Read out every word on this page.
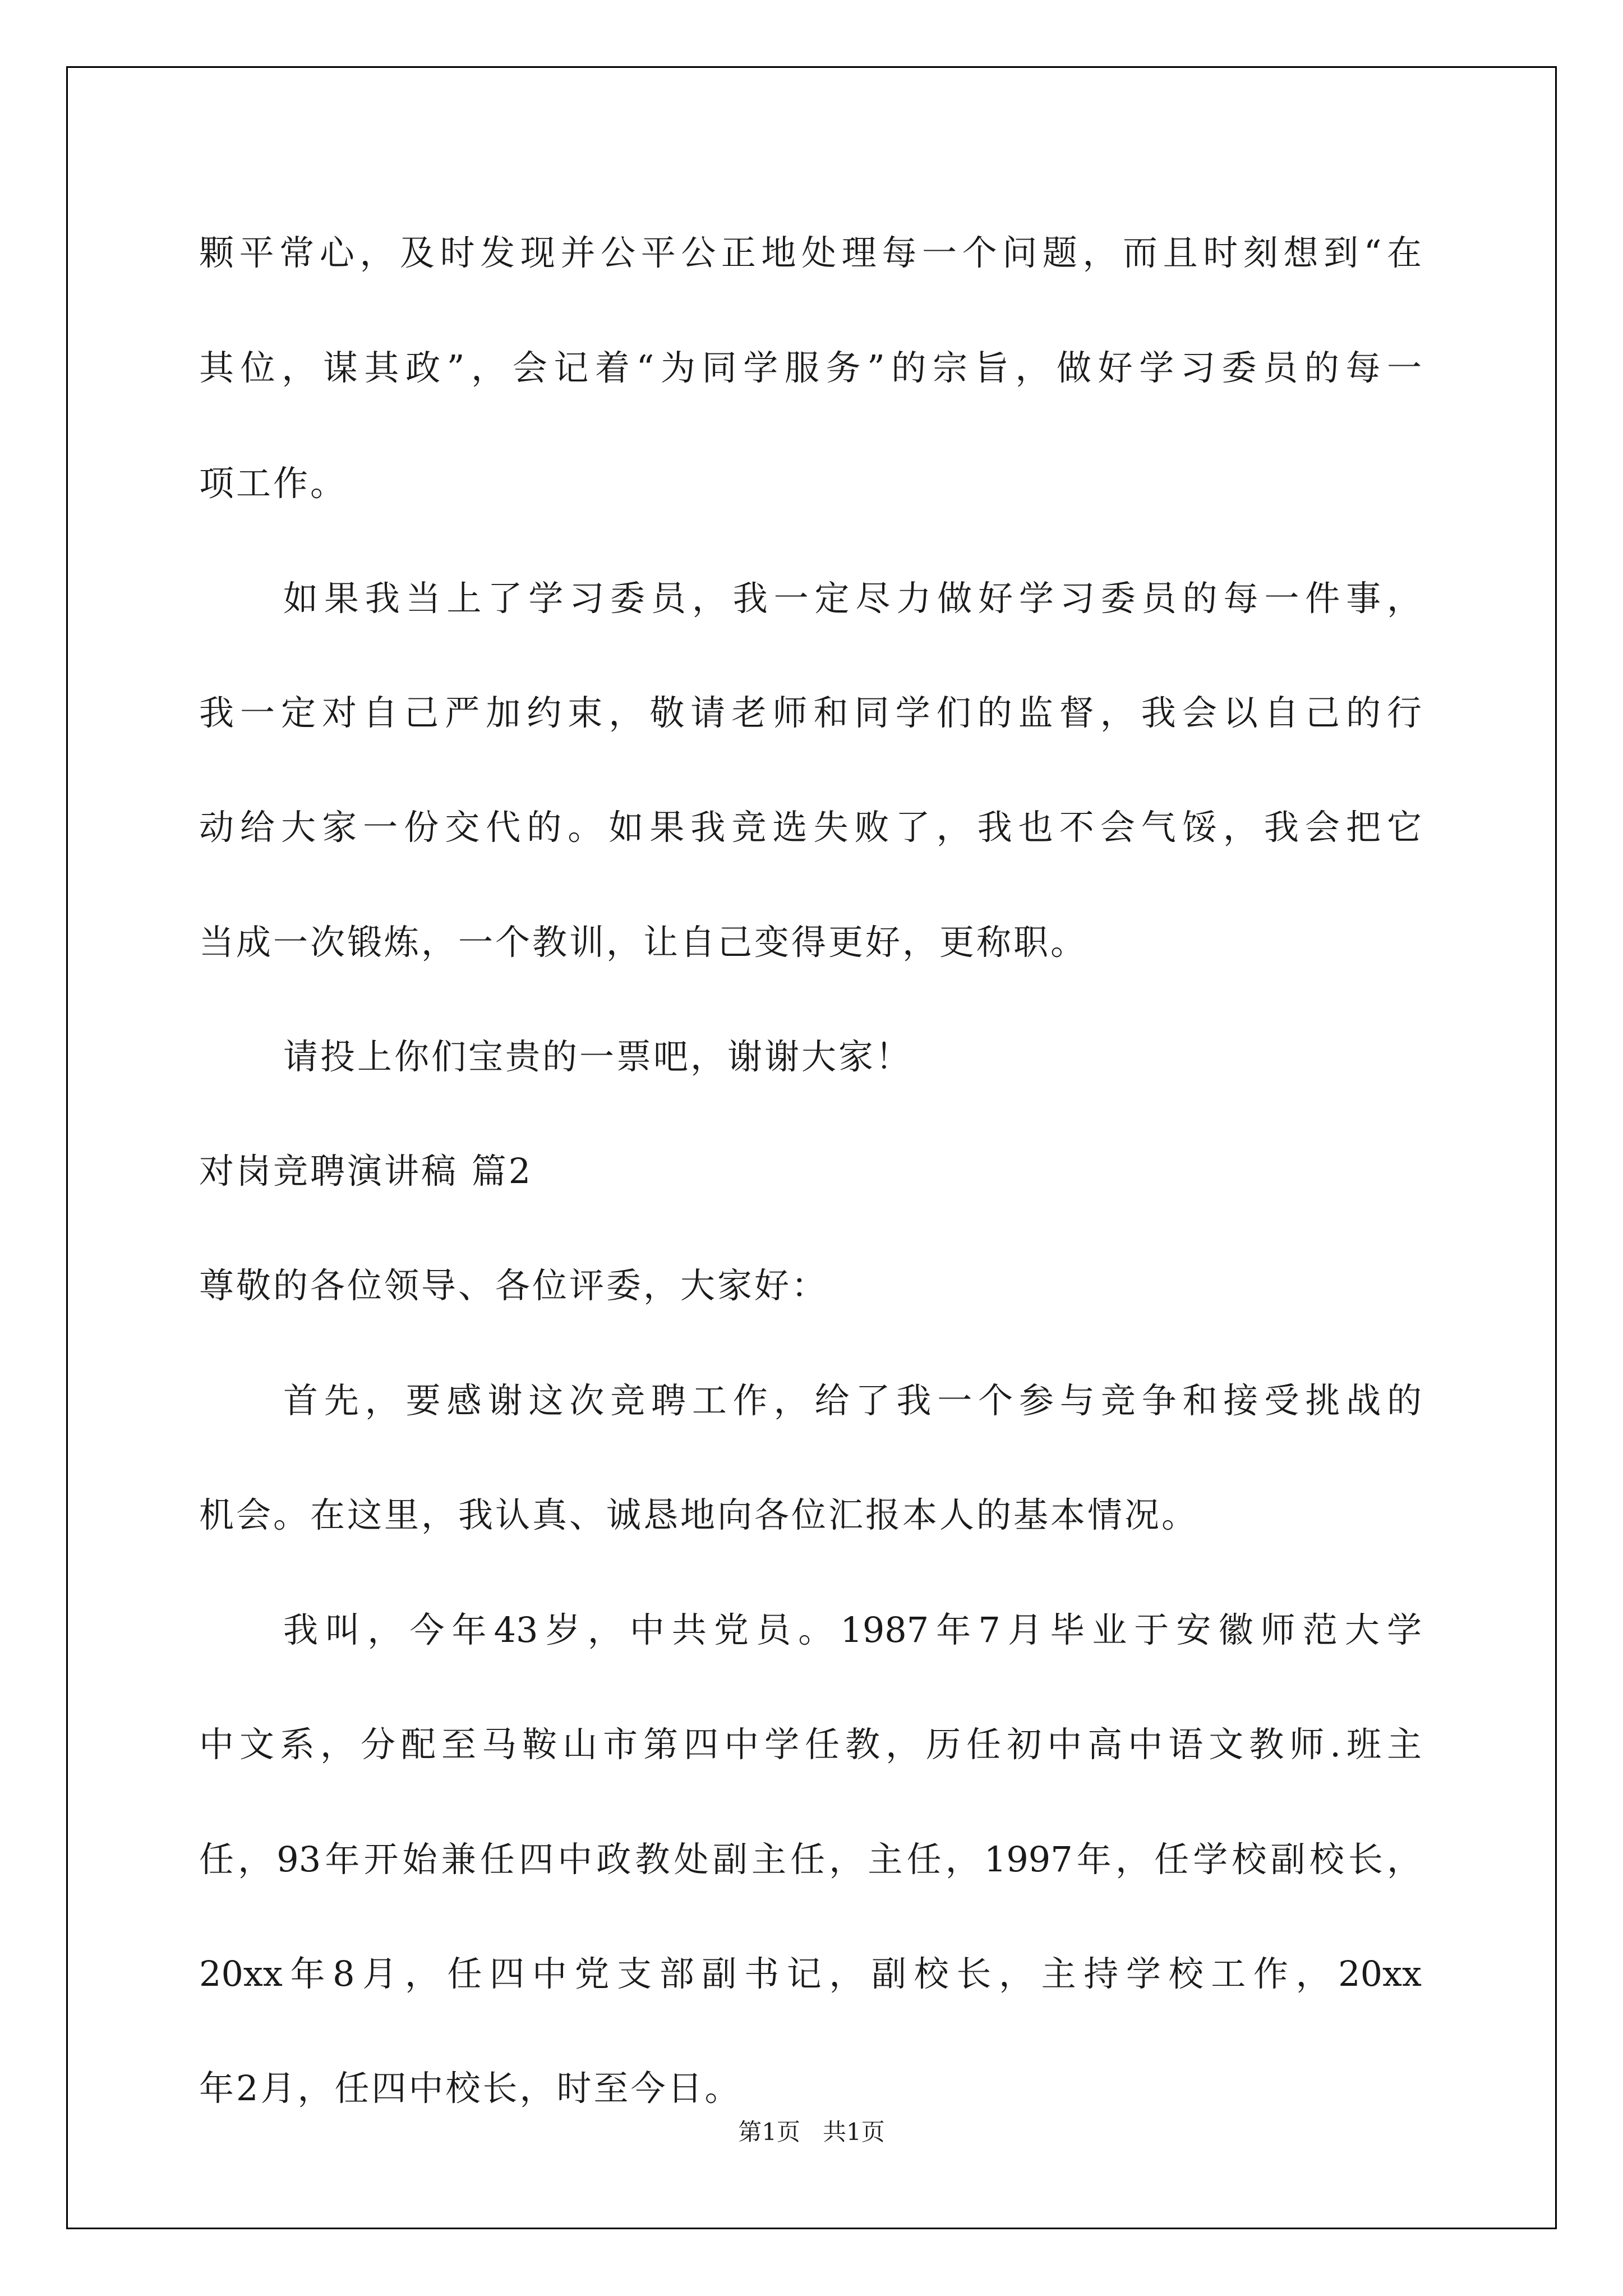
颗平常心，及时发现并公平公正地处理每一个问题，而且时刻想到“在
其位，谋其政”，会记着“为同学服务”的宗旨，做好学习委员的每一
项工作。
如果我当上了学习委员，我一定尽力做好学习委员的每一件事，
我一定对自己严加约束，敬请老师和同学们的监督，我会以自己的行
动给大家一份交代的。如果我竞选失败了，我也不会气馁，我会把它
当成一次锻炼，一个教训，让自己变得更好，更称职。
请投上你们宝贵的一票吧，谢谢大家！
对岗竞聘演讲稿 篇2
尊敬的各位领导、各位评委，大家好：
首先，要感谢这次竞聘工作，给了我一个参与竞争和接受挑战的
机会。在这里，我认真、诚恳地向各位汇报本人的基本情况。
我叫，今年43岁，中共党员。1987年7月毕业于安徽师范大学
中文系，分配至马鞍山市第四中学任教，历任初中高中语文教师.班主
任，93年开始兼任四中政教处副主任，主任，1997年，任学校副校长，
20xx年8月，任四中党支部副书记，副校长，主持学校工作，20xx
年2月，任四中校长，时至今日。
第1页   共1页
